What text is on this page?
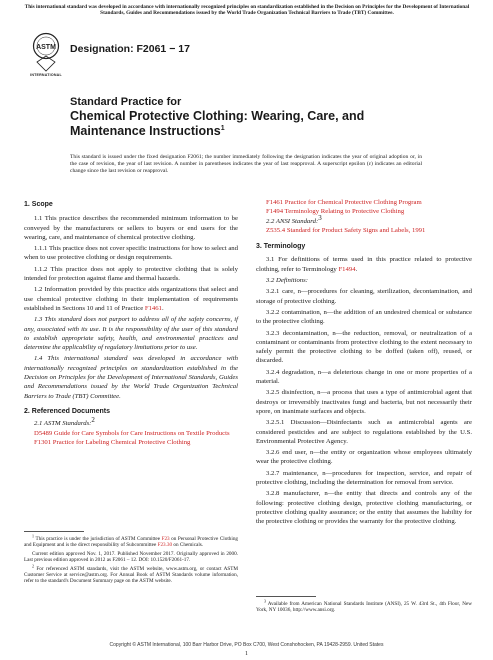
This international standard was developed in accordance with internationally recognized principles on standardization established in the Decision on Principles for the Development of International Standards, Guides and Recommendations issued by the World Trade Organization Technical Barriers to Trade (TBT) Committee.
ASTM
INTERNATIONAL
Designation: F2061 − 17
Standard Practice for
Chemical Protective Clothing: Wearing, Care, and
Maintenance Instructions$^1$
This standard is issued under the fixed designation F2061; the number immediately following the designation indicates the year of original adoption or, in the case of revision, the year of last revision. A number in parentheses indicates the year of last reapproval. A superscript epsilon (ε) indicates an editorial change since the last revision or reapproval.

1. Scope

1.1 This practice describes the recommended minimum information to be conveyed by the manufacturers or sellers to buyers or end users for the wearing, care, and maintenance of chemical protective clothing.

1.1.1 This practice does not cover specific instructions for how to select and when to use protective clothing or design requirements.

1.1.2 This practice does not apply to protective clothing that is solely intended for protection against flame and thermal hazards.

1.2 Information provided by this practice aids organizations that select and use chemical protective clothing in their implementation of requirements established in Sections 10 and 11 of Practice F1461.

1.3 This standard does not purport to address all of the safety concerns, if any, associated with its use. It is the responsibility of the user of this standard to establish appropriate safety, health, and environmental practices and determine the applicability of regulatory limitations prior to use.

1.4 This international standard was developed in accordance with internationally recognized principles on standardization established in the Decision on Principles for the Development of International Standards, Guides and Recommendations issued by the World Trade Organization Technical Barriers to Trade (TBT) Committee.

2. Referenced Documents

2.1 ASTM Standards:2

D5489 Guide for Care Symbols for Care Instructions on Textile Products

F1301 Practice for Labeling Chemical Protective Clothing

$^1$ This practice is under the jurisdiction of ASTM Committee F23 on Personal Protective Clothing and Equipment and is the direct responsibility of Subcommittee F23.30 on Chemicals.

Current edition approved Nov. 1, 2017. Published November 2017. Originally approved in 2000. Last previous edition approved in 2012 as F2061 – 12. DOI: 10.1520/F2061-17.

$^2$ For referenced ASTM standards, visit the ASTM website, www.astm.org, or contact ASTM Customer Service at service@astm.org. For Annual Book of ASTM Standards volume information, refer to the standard's Document Summary page on the ASTM website.

F1461 Practice for Chemical Protective Clothing Program

F1494 Terminology Relating to Protective Clothing

2.2 ANSI Standard:3

Z535.4 Standard for Product Safety Signs and Labels, 1991

3. Terminology

3.1 For definitions of terms used in this practice related to protective clothing, refer to Terminology F1494.

3.2 Definitions:

3.2.1 care, n—procedures for cleaning, sterilization, decontamination, and storage of protective clothing.

3.2.2 contamination, n—the addition of an undesired chemical or substance to the protective clothing.

3.2.3 decontamination, n—the reduction, removal, or neutralization of a contaminant or contaminants from protective clothing to the extent necessary to safely permit the protective clothing to be doffed (taken off), reused, or discarded.

3.2.4 degradation, n—a deleterious change in one or more properties of a material.

3.2.5 disinfection, n—a process that uses a type of antimicrobial agent that destroys or irreversibly inactivates fungi and bacteria, but not necessarily their spore, on inanimate surfaces and objects.

3.2.5.1 Discussion—Disinfectants such as antimicrobial agents are considered pesticides and are subject to regulations established by the U.S. Environmental Protective Agency.

3.2.6 end user, n—the entity or organization whose employees ultimately wear the protective clothing.

3.2.7 maintenance, n—procedures for inspection, service, and repair of protective clothing, including the determination for removal from service.

3.2.8 manufacturer, n—the entity that directs and controls any of the following: protective clothing design, protective clothing manufacturing, or protective clothing quality assurance; or the entity that assumes the liability for the protective clothing or provides the warranty for the protective clothing.

$^3$ Available from American National Standards Institute (ANSI), 25 W. 43rd St., 4th Floor, New York, NY 10036, http://www.ansi.org.

Copyright © ASTM International, 100 Barr Harbor Drive, PO Box C700, West Conshohocken, PA 19428-2959. United States
1
